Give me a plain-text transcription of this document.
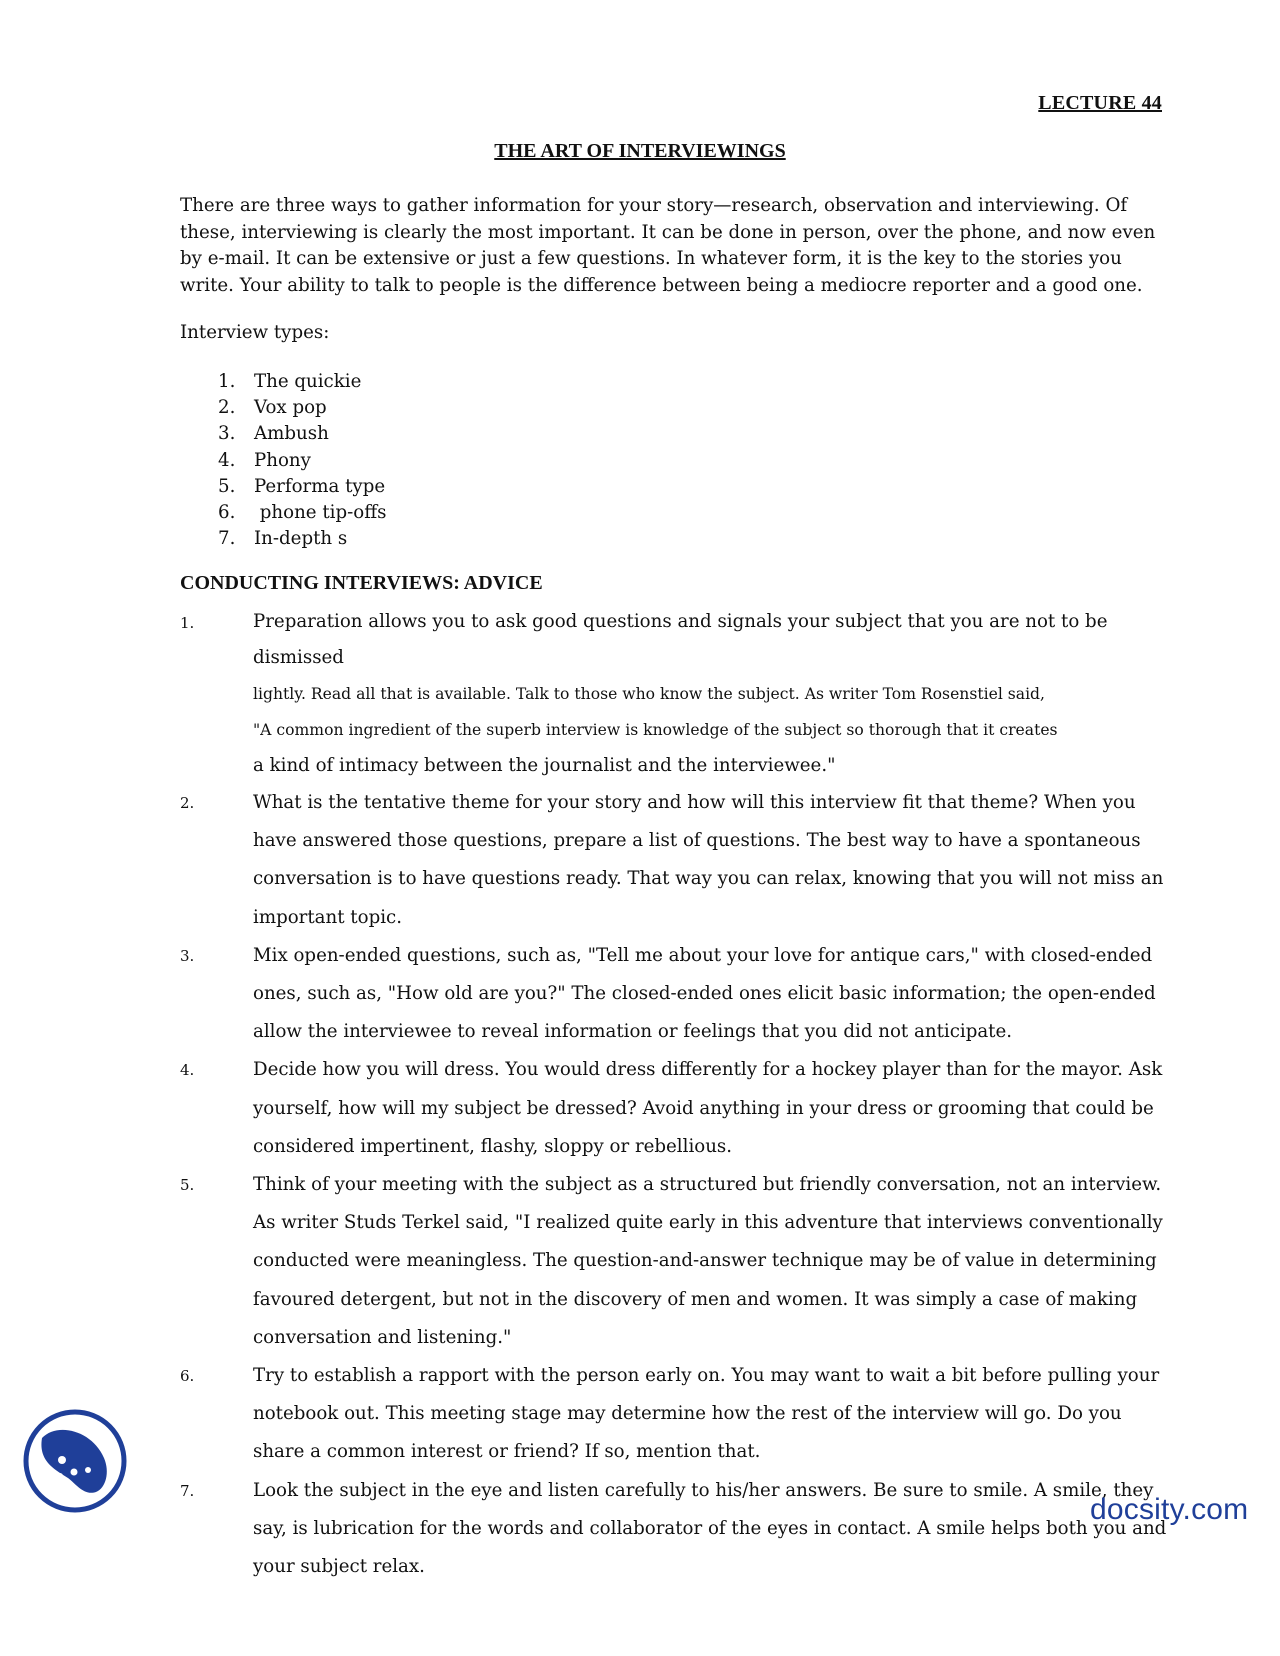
LECTURE 44
THE ART OF INTERVIEWINGS

There are three ways to gather information for your story—research, observation and interviewing. Of these, interviewing is clearly the most important. It can be done in person, over the phone, and now even by e-mail. It can be extensive or just a few questions. In whatever form, it is the key to the stories you write. Your ability to talk to people is the difference between being a mediocre reporter and a good one.

Interview types:

1.	The quickie
2.	Vox pop
3.	Ambush
4.	Phony
5.	Performa type
6.	phone tip-offs
7.	In-depth s
CONDUCTING INTERVIEWS: ADVICE
1.	Preparation allows you to ask good questions and signals your subject that you are not to be dismissed
lightly. Read all that is available. Talk to those who know the subject. As writer Tom Rosenstiel said,
"A common ingredient of the superb interview is knowledge of the subject so thorough that it creates
a kind of intimacy between the journalist and the interviewee."
2.	What is the tentative theme for your story and how will this interview fit that theme? When you have answered those questions, prepare a list of questions. The best way to have a spontaneous conversation is to have questions ready. That way you can relax, knowing that you will not miss an important topic.
3.	Mix open-ended questions, such as, "Tell me about your love for antique cars," with closed-ended ones, such as, "How old are you?" The closed-ended ones elicit basic information; the open-ended allow the interviewee to reveal information or feelings that you did not anticipate.
4.	Decide how you will dress. You would dress differently for a hockey player than for the mayor. Ask yourself, how will my subject be dressed? Avoid anything in your dress or grooming that could be considered impertinent, flashy, sloppy or rebellious.
5.	Think of your meeting with the subject as a structured but friendly conversation, not an interview. As writer Studs Terkel said, "I realized quite early in this adventure that interviews conventionally conducted were meaningless. The question-and-answer technique may be of value in determining favoured detergent, but not in the discovery of men and women. It was simply a case of making conversation and listening."
6.	Try to establish a rapport with the person early on. You may want to wait a bit before pulling your notebook out. This meeting stage may determine how the rest of the interview will go. Do you share a common interest or friend? If so, mention that.
7.	Look the subject in the eye and listen carefully to his/her answers. Be sure to smile. A smile, they say, is lubrication for the words and collaborator of the eyes in contact. A smile helps both you and your subject relax.
docsity.com
